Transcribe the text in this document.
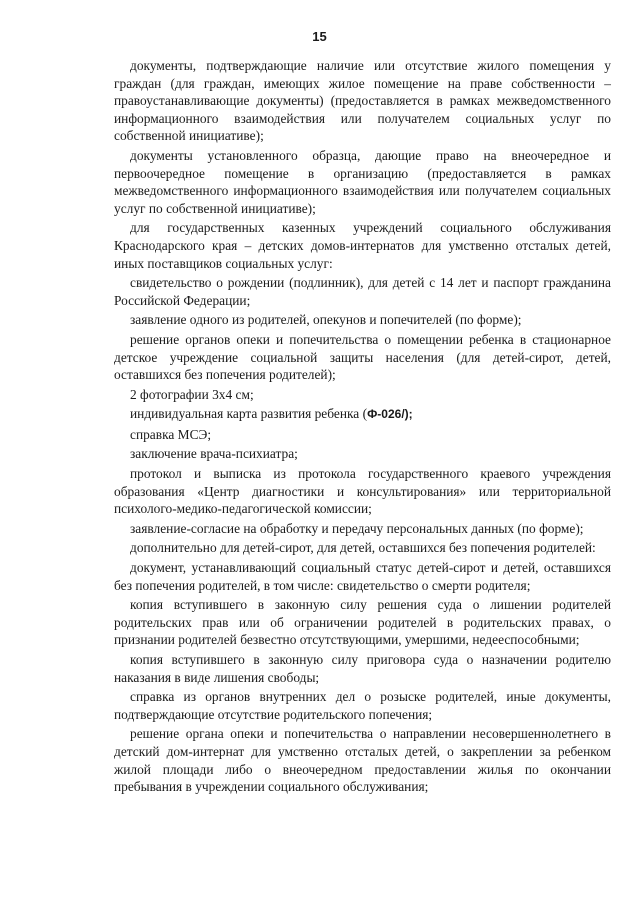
15

документы, подтверждающие наличие или отсутствие жилого помещения у граждан (для граждан, имеющих жилое помещение на праве собственности – правоустанавливающие документы) (предоставляется в рамках межведомственного информационного взаимодействия или получателем социальных услуг по собственной инициативе);

документы установленного образца, дающие право на внеочередное и первоочередное помещение в организацию (предоставляется в рамках межведомственного информационного взаимодействия или получателем социальных услуг по собственной инициативе);

для государственных казенных учреждений социального обслуживания Краснодарского края – детских домов-интернатов для умственно отсталых детей, иных поставщиков социальных услуг:

свидетельство о рождении (подлинник), для детей с 14 лет и паспорт гражданина Российской Федерации;

заявление одного из родителей, опекунов и попечителей (по форме);

решение органов опеки и попечительства о помещении ребенка в стационарное детское учреждение социальной защиты населения (для детей-сирот, детей, оставшихся без попечения родителей);

2 фотографии 3х4 см;

индивидуальная карта развития ребенка (Ф-026/);

справка МСЭ;

заключение врача-психиатра;

протокол и выписка из протокола государственного краевого учреждения образования «Центр диагностики и консультирования» или территориальной психолого-медико-педагогической комиссии;

заявление-согласие на обработку и передачу персональных данных (по форме);

дополнительно для детей-сирот, для детей, оставшихся без попечения родителей:

документ, устанавливающий социальный статус детей-сирот и детей, оставшихся без попечения родителей, в том числе: свидетельство о смерти родителя;

копия вступившего в законную силу решения суда о лишении родителей родительских прав или об ограничении родителей в родительских правах, о признании родителей безвестно отсутствующими, умершими, недееспособными;

копия вступившего в законную силу приговора суда о назначении родителю наказания в виде лишения свободы;

справка из органов внутренних дел о розыске родителей, иные документы, подтверждающие отсутствие родительского попечения;

решение органа опеки и попечительства о направлении несовершеннолетнего в детский дом-интернат для умственно отсталых детей, о закреплении за ребенком жилой площади либо о внеочередном предоставлении жилья по окончании пребывания в учреждении социального обслуживания;
